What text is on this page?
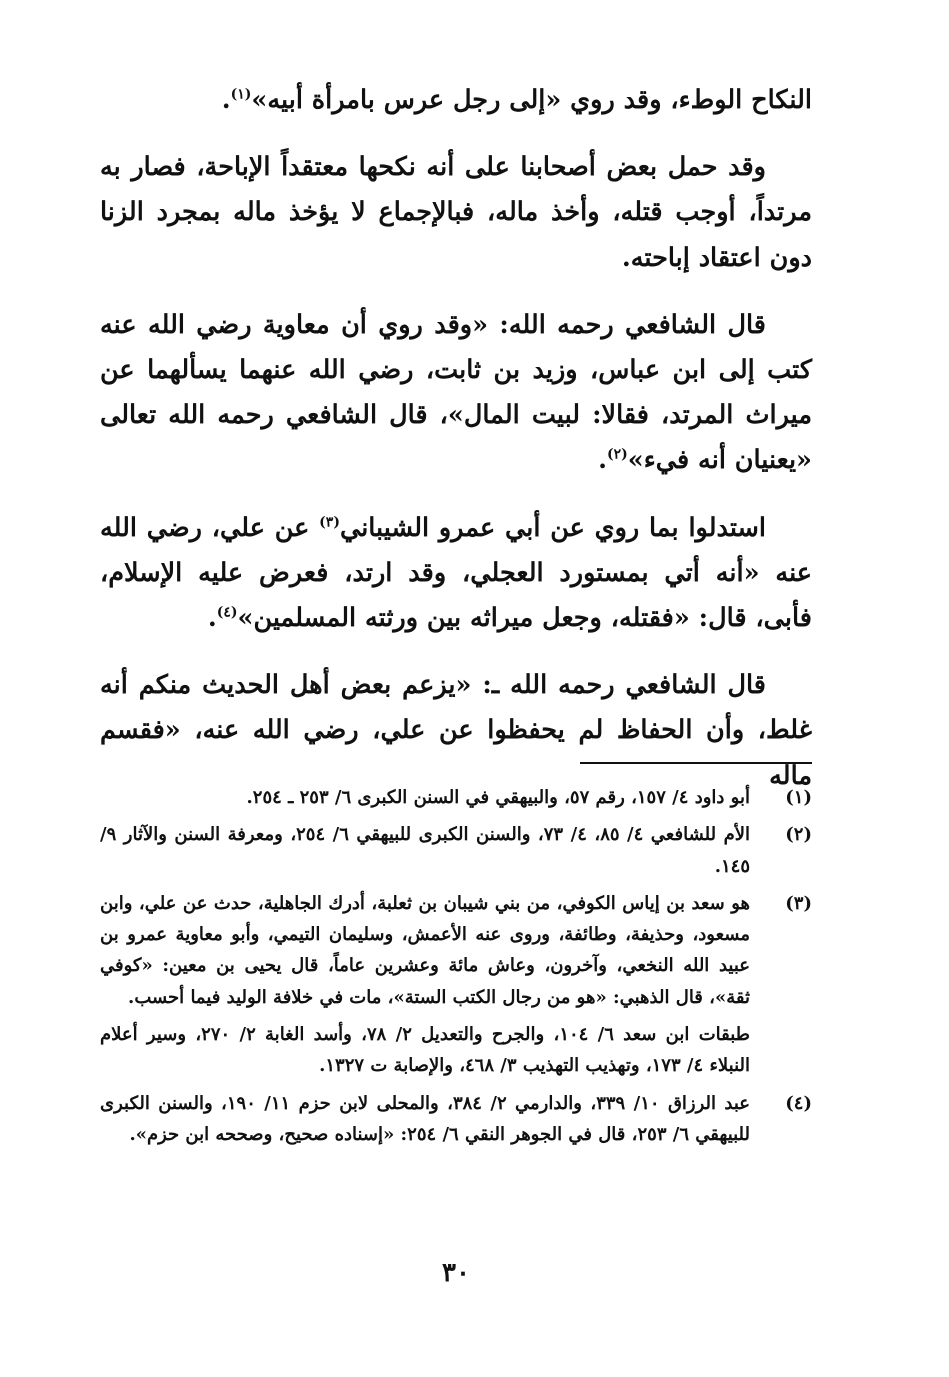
النكاح الوطء، وقد روي «إلى رجل عرس بامرأة أبيه»$^{(١)}$.

وقد حمل بعض أصحابنا على أنه نكحها معتقداً الإباحة، فصار به مرتداً، أوجب قتله، وأخذ ماله، فبالإجماع لا يؤخذ ماله بمجرد الزنا دون اعتقاد إباحته.

قال الشافعي رحمه الله: «وقد روي أن معاوية رضي الله عنه كتب إلى ابن عباس، وزيد بن ثابت، رضي الله عنهما يسألهما عن ميراث المرتد، فقالا: لبيت المال»، قال الشافعي رحمه الله تعالى «يعنيان أنه فيء»$^{(٢)}$.

استدلوا بما روي عن أبي عمرو الشيباني$^{(٣)}$ عن علي، رضي الله عنه «أنه أتي بمستورد العجلي، وقد ارتد، فعرض عليه الإسلام، فأبى، قال: «فقتله، وجعل ميراثه بين ورثته المسلمين»$^{(٤)}$.

قال الشافعي رحمه الله ـ: «يزعم بعض أهل الحديث منكم أنه غلط، وأن الحفاظ لم يحفظوا عن علي، رضي الله عنه، «فقسم ماله

(١)

أبو داود ٤/ ١٥٧، رقم ٥٧، والبيهقي في السنن الكبرى ٦/ ٢٥٣ ـ ٢٥٤.

(٢)

الأم للشافعي ٤/ ٨٥، ٤/ ٧٣، والسنن الكبرى للبيهقي ٦/ ٢٥٤، ومعرفة السنن والآثار ٩/ ١٤٥.

(٣)

هو سعد بن إياس الكوفي، من بني شيبان بن ثعلبة، أدرك الجاهلية، حدث عن علي، وابن مسعود، وحذيفة، وطائفة، وروى عنه الأعمش، وسليمان التيمي، وأبو معاوية عمرو بن عبيد الله النخعي، وآخرون، وعاش مائة وعشرين عاماً، قال يحيى بن معين: «كوفي ثقة»، قال الذهبي: «هو من رجال الكتب الستة»، مات في خلافة الوليد فيما أحسب.

طبقات ابن سعد ٦/ ١٠٤، والجرح والتعديل ٢/ ٧٨، وأسد الغابة ٢/ ٢٧٠، وسير أعلام النبلاء ٤/ ١٧٣، وتهذيب التهذيب ٣/ ٤٦٨، والإصابة ت ١٣٢٧.

(٤)

عبد الرزاق ١٠/ ٣٣٩، والدارمي ٢/ ٣٨٤، والمحلى لابن حزم ١١/ ١٩٠، والسنن الكبرى للبيهقي ٦/ ٢٥٣، قال في الجوهر النقي ٦/ ٢٥٤: «إسناده صحيح، وصححه ابن حزم».

٣٠
